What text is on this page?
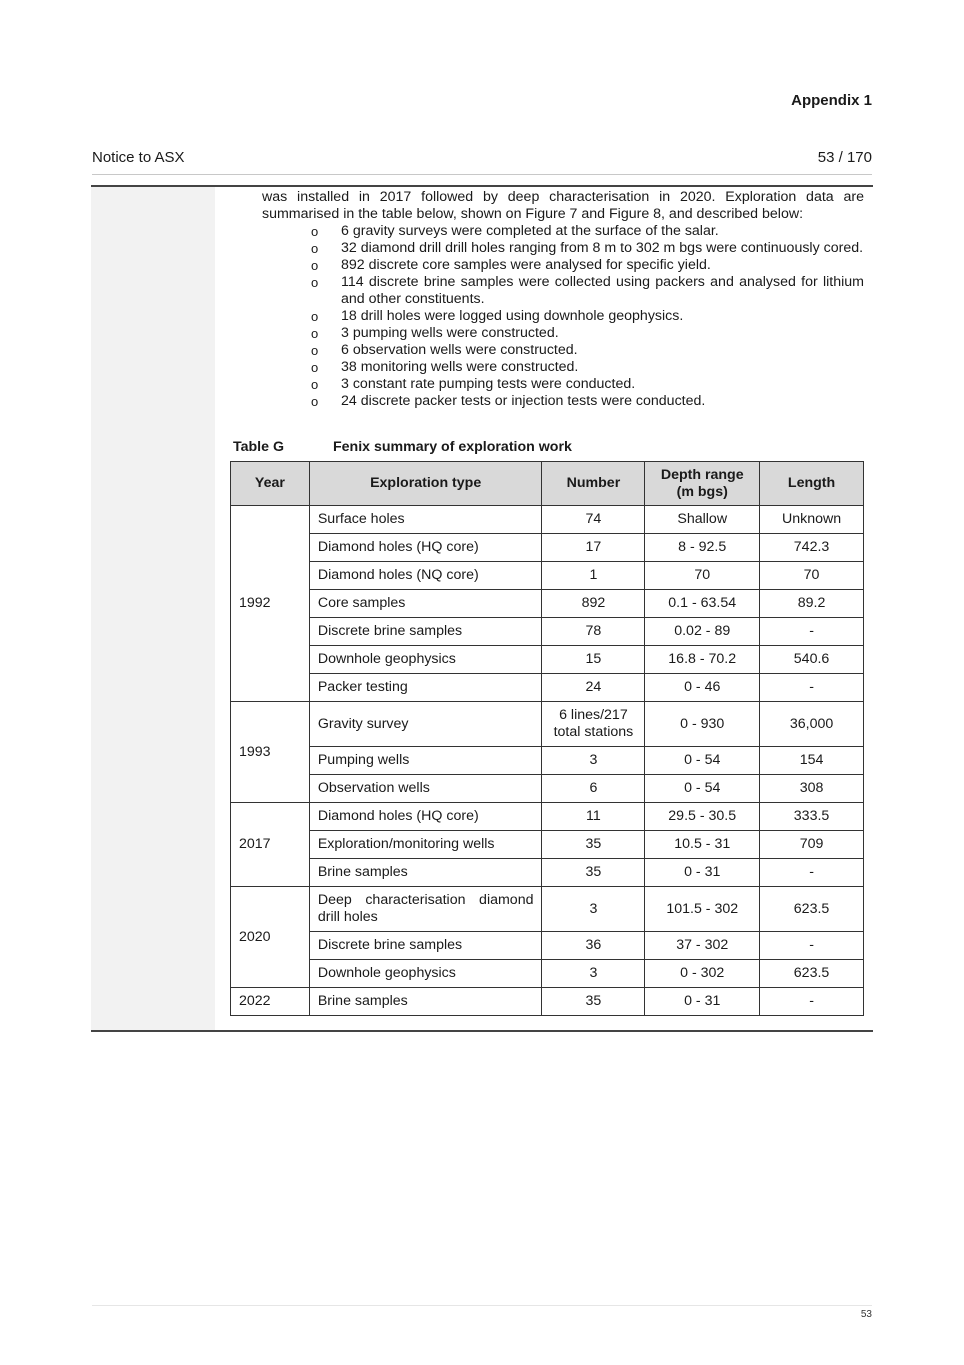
Appendix 1
Notice to ASX	53 / 170

was installed in 2017 followed by deep characterisation in 2020. Exploration data are summarised in the table below, shown on Figure 7 and Figure 8, and described below:

o 6 gravity surveys were completed at the surface of the salar.
o 32 diamond drill drill holes ranging from 8 m to 302 m bgs were continuously cored.
o 892 discrete core samples were analysed for specific yield.
o 114 discrete brine samples were collected using packers and analysed for lithium and other constituents.
o 18 drill holes were logged using downhole geophysics.
o 3 pumping wells were constructed.
o 6 observation wells were constructed.
o 38 monitoring wells were constructed.
o 3 constant rate pumping tests were conducted.
o 24 discrete packer tests or injection tests were conducted.
Table G	Fenix summary of exploration work
Year	Exploration type	Number	Depth range (m bgs)	Length
1992	Surface holes	74	Shallow	Unknown
	Diamond holes (HQ core)	17	8 - 92.5	742.3
	Diamond holes (NQ core)	1	70	70
	Core samples	892	0.1 - 63.54	89.2
	Discrete brine samples	78	0.02 - 89	-
	Downhole geophysics	15	16.8 - 70.2	540.6
	Packer testing	24	0 - 46	-
1993	Gravity survey	6 lines/217 total stations	0 - 930	36,000
	Pumping wells	3	0 - 54	154
	Observation wells	6	0 - 54	308
2017	Diamond holes (HQ core)	11	29.5 - 30.5	333.5
	Exploration/monitoring wells	35	10.5 - 31	709
	Brine samples	35	0 - 31	-
2020	Deep characterisation diamond drill holes	3	101.5 - 302	623.5
	Discrete brine samples	36	37 - 302	-
	Downhole geophysics	3	0 - 302	623.5
2022	Brine samples	35	0 - 31	-
53
